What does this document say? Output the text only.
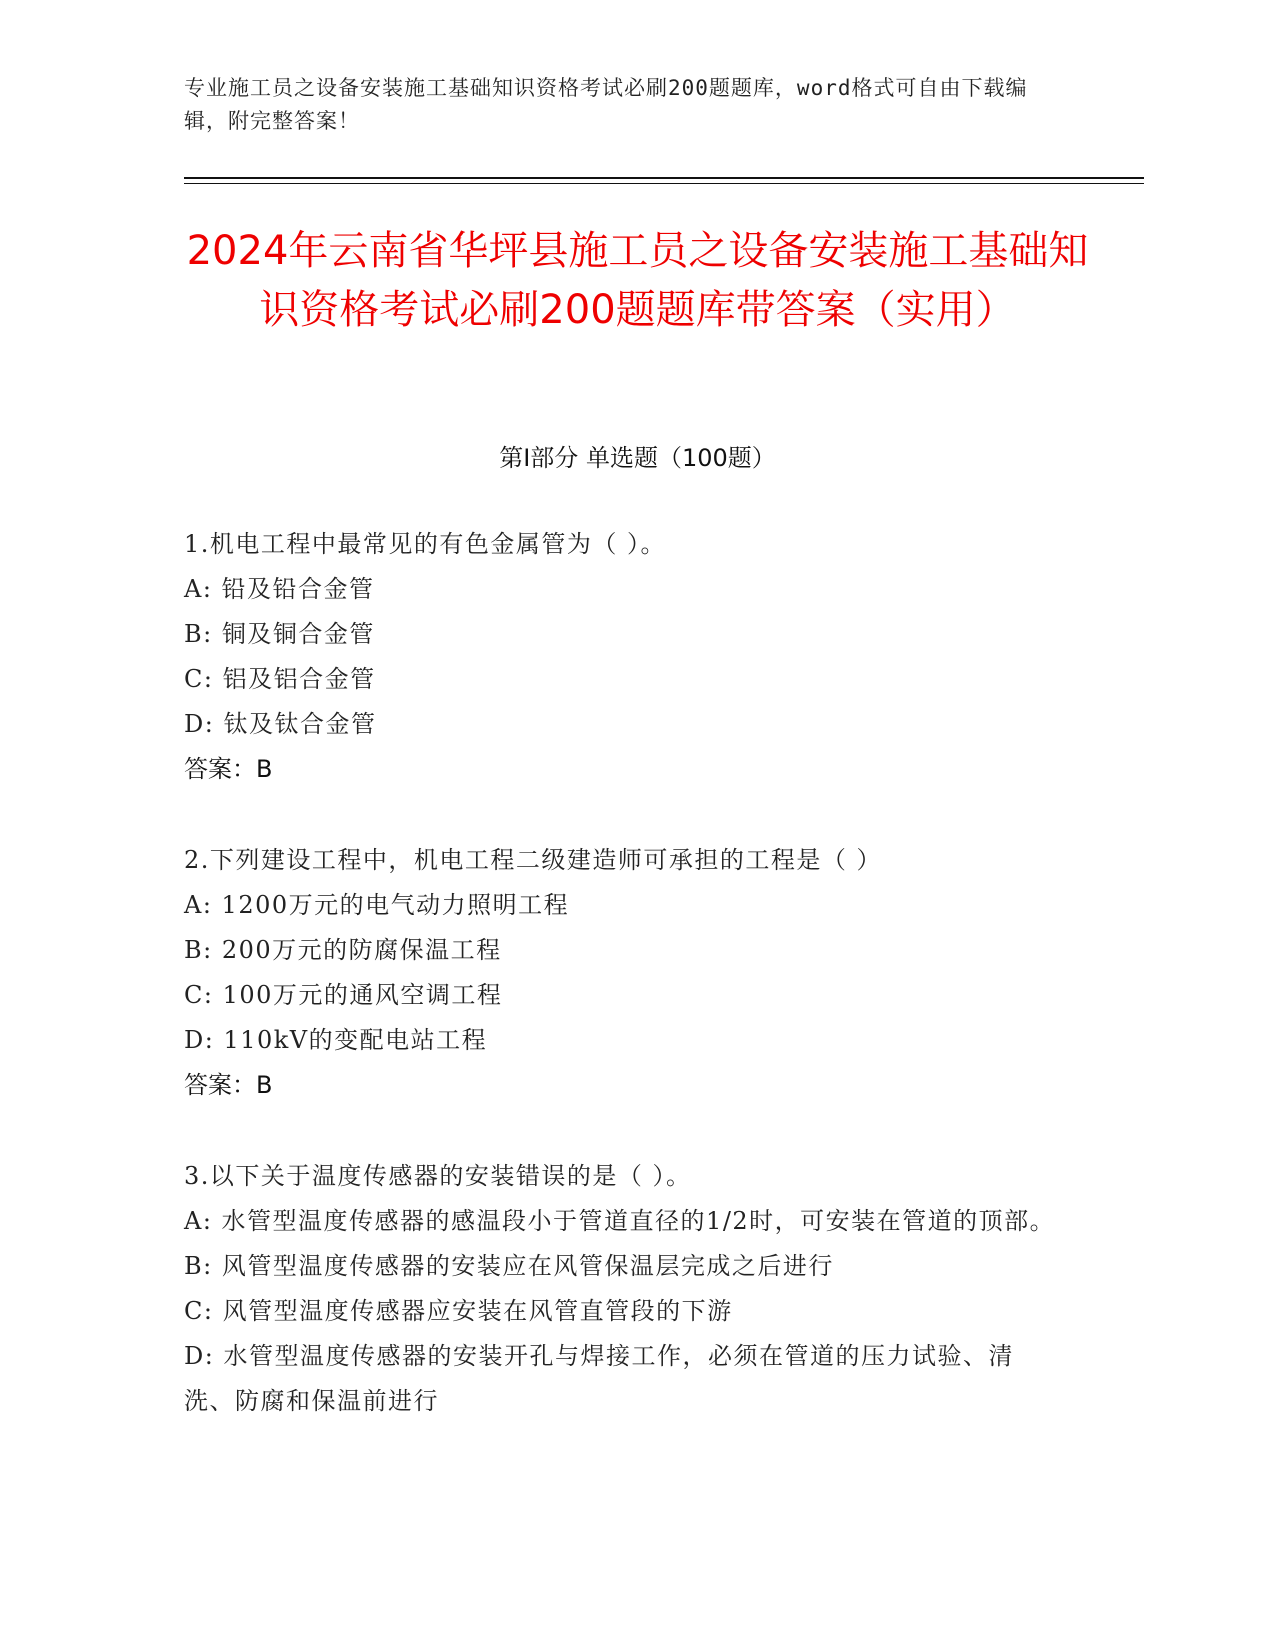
专业施工员之设备安装施工基础知识资格考试必刷200题题库，word格式可自由下载编辑，附完整答案！
2024年云南省华坪县施工员之设备安装施工基础知识资格考试必刷200题题库带答案（实用）
第I部分 单选题（100题）
1.机电工程中最常见的有色金属管为（ ）。
A: 铅及铅合金管
B: 铜及铜合金管
C: 铝及铝合金管
D: 钛及钛合金管
答案：B
2.下列建设工程中，机电工程二级建造师可承担的工程是（ ）
A: 1200万元的电气动力照明工程
B: 200万元的防腐保温工程
C: 100万元的通风空调工程
D: 110kV的变配电站工程
答案：B
3.以下关于温度传感器的安装错误的是（ ）。
A: 水管型温度传感器的感温段小于管道直径的1/2时，可安装在管道的顶部。
B: 风管型温度传感器的安装应在风管保温层完成之后进行
C: 风管型温度传感器应安装在风管直管段的下游
D: 水管型温度传感器的安装开孔与焊接工作，必须在管道的压力试验、清洗、防腐和保温前进行
